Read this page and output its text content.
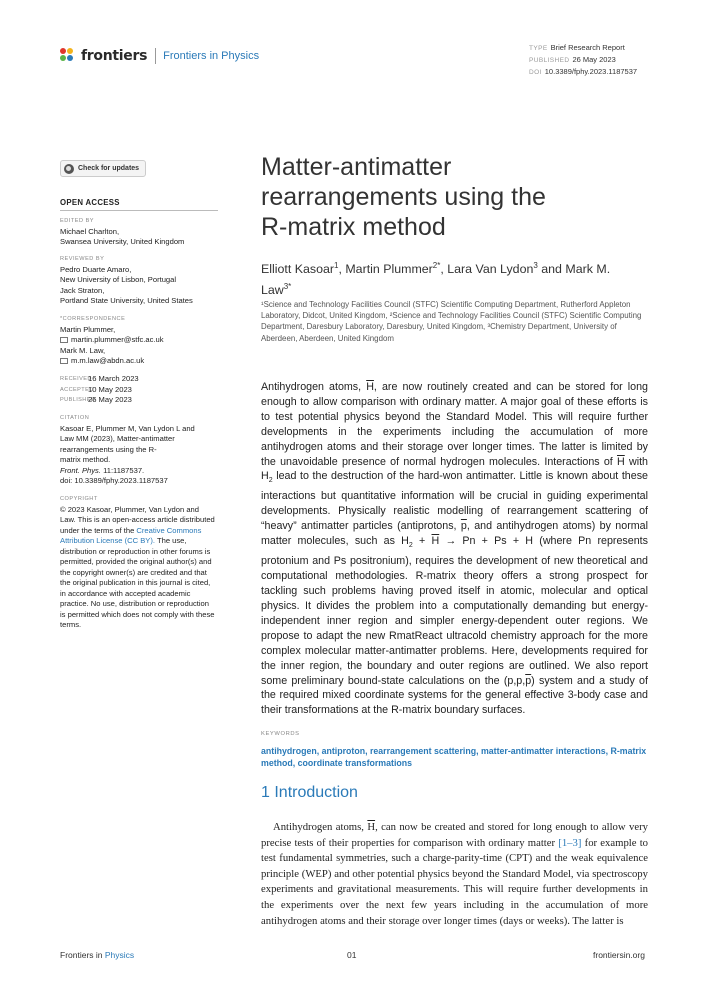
frontiers Frontiers in Physics
TYPE Brief Research Report
PUBLISHED 26 May 2023
DOI 10.3389/fphy.2023.1187537
Check for updates
OPEN ACCESS
EDITED BY
Michael Charlton,
Swansea University, United Kingdom
REVIEWED BY
Pedro Duarte Amaro,
New University of Lisbon, Portugal
Jack Straton,
Portland State University, United States
*CORRESPONDENCE
Martin Plummer,
martin.plummer@stfc.ac.uk
Mark M. Law,
m.m.law@abdn.ac.uk
RECEIVED
16 March 2023
ACCEPTED
10 May 2023
PUBLISHED
26 May 2023
CITATION
Kasoar E, Plummer M, Van Lydon L and
Law MM (2023), Matter-antimatter
rearrangements using the R-
matrix method.
Front. Phys. 11:1187537.
doi: 10.3389/fphy.2023.1187537
COPYRIGHT
© 2023 Kasoar, Plummer, Van Lydon and Law. This is an open-access article distributed under the terms of the Creative Commons Attribution License (CC BY). The use, distribution or reproduction in other forums is permitted, provided the original author(s) and the copyright owner(s) are credited and that the original publication in this journal is cited, in accordance with accepted academic practice. No use, distribution or reproduction is permitted which does not comply with these terms.
Matter-antimatter rearrangements using the R-matrix method
Elliott Kasoar$^1$, Martin Plummer$^{2*}$, Lara Van Lydon$^3$ and Mark M. Law$^{3*}$
¹Science and Technology Facilities Council (STFC) Scientific Computing Department, Rutherford Appleton Laboratory, Didcot, United Kingdom, ²Science and Technology Facilities Council (STFC) Scientific Computing Department, Daresbury Laboratory, Daresbury, United Kingdom, ³Chemistry Department, University of Aberdeen, Aberdeen, United Kingdom
Antihydrogen atoms, $\overline{H}$, are now routinely created and can be stored for long enough to allow comparison with ordinary matter. A major goal of these efforts is to test potential physics beyond the Standard Model. This will require further developments in the experiments including the accumulation of more antihydrogen atoms and their storage over longer times. The latter is limited by the unavoidable presence of normal hydrogen molecules. Interactions of $\overline{H}$ with $H_2$ lead to the destruction of the hard-won antimatter. Little is known about these interactions but quantitative information will be crucial in guiding experimental developments. Physically realistic modelling of rearrangement scattering of “heavy” antimatter particles (antiprotons, $\overline{p}$, and antihydrogen atoms) by normal matter molecules, such as $H_2 + \overline{H} \to Pn + Ps + H$ (where Pn represents protonium and Ps positronium), requires the development of new theoretical and computational methodologies. R-matrix theory offers a strong prospect for tackling such problems having proved itself in atomic, molecular and optical physics. It divides the problem into a computationally demanding but energy-independent inner region and simpler energy-dependent outer regions. We propose to adapt the new RmatReact ultracold chemistry approach for the more complex molecular matter-antimatter problems. Here, developments required for the inner region, the boundary and outer regions are outlined. We also report some preliminary bound-state calculations on the $(p,p,\overline{p})$ system and a study of the required mixed coordinate systems for the general effective 3-body case and their transformations at the R-matrix boundary surfaces.
KEYWORDS
antihydrogen, antiproton, rearrangement scattering, matter-antimatter interactions, R-matrix method, coordinate transformations
1 Introduction
Antihydrogen atoms, $\overline{H}$, can now be created and stored for long enough to allow very precise tests of their properties for comparison with ordinary matter [1–3] for example to test fundamental symmetries, such a charge-parity-time (CPT) and the weak equivalence principle (WEP) and other potential physics beyond the Standard Model, via spectroscopy experiments and gravitational measurements. This will require further developments in the experiments over the next few years including in the accumulation of more antihydrogen atoms and their storage over longer times (days or weeks). The latter is
Frontiers in Physics	01	frontiersin.org
